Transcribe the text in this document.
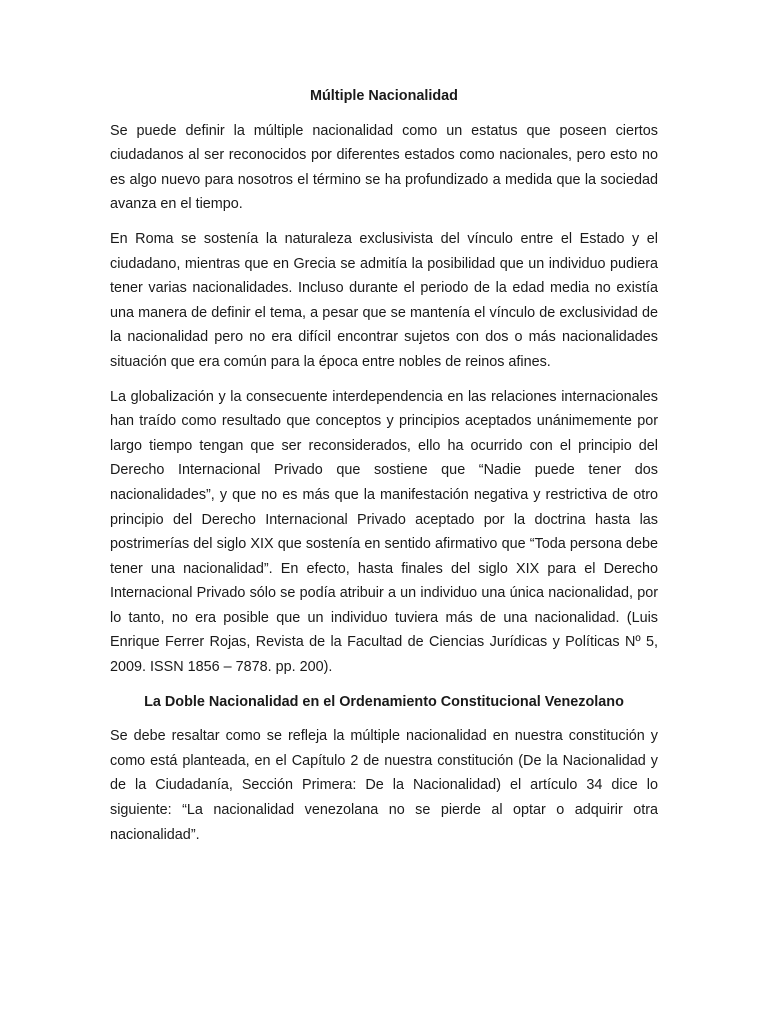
Múltiple Nacionalidad

Se puede definir la múltiple nacionalidad como un estatus que poseen ciertos ciudadanos al ser reconocidos por diferentes estados como nacionales, pero esto no es algo nuevo para nosotros el término se ha profundizado a medida que la sociedad avanza en el tiempo.

En Roma se sostenía la naturaleza exclusivista del vínculo entre el Estado y el ciudadano, mientras que en Grecia se admitía la posibilidad que un individuo pudiera tener varias nacionalidades. Incluso durante el periodo de la edad media no existía una manera de definir el tema, a pesar que se mantenía el vínculo de exclusividad de la nacionalidad pero no era difícil encontrar sujetos con dos o más nacionalidades situación que era común para la época entre nobles de reinos afines.

La globalización y la consecuente interdependencia en las relaciones internacionales han traído como resultado que conceptos y principios aceptados unánimemente por largo tiempo tengan que ser reconsiderados, ello ha ocurrido con el principio del Derecho Internacional Privado que sostiene que “Nadie puede tener dos nacionalidades”, y que no es más que la manifestación negativa y restrictiva de otro principio del Derecho Internacional Privado aceptado por la doctrina hasta las postrimerías del siglo XIX que sostenía en sentido afirmativo que “Toda persona debe tener una nacionalidad”. En efecto, hasta finales del siglo XIX para el Derecho Internacional Privado sólo se podía atribuir a un individuo una única nacionalidad, por lo tanto, no era posible que un individuo tuviera más de una nacionalidad. (Luis Enrique Ferrer Rojas, Revista de la Facultad de Ciencias Jurídicas y Políticas Nº 5, 2009. ISSN 1856 – 7878. pp. 200).

La Doble Nacionalidad en el Ordenamiento Constitucional Venezolano

Se debe resaltar como se refleja la múltiple nacionalidad en nuestra constitución y como está planteada, en el Capítulo 2 de nuestra constitución (De la Nacionalidad y de la Ciudadanía, Sección Primera: De la Nacionalidad) el artículo 34 dice lo siguiente: “La nacionalidad venezolana no se pierde al optar o adquirir otra nacionalidad”.
